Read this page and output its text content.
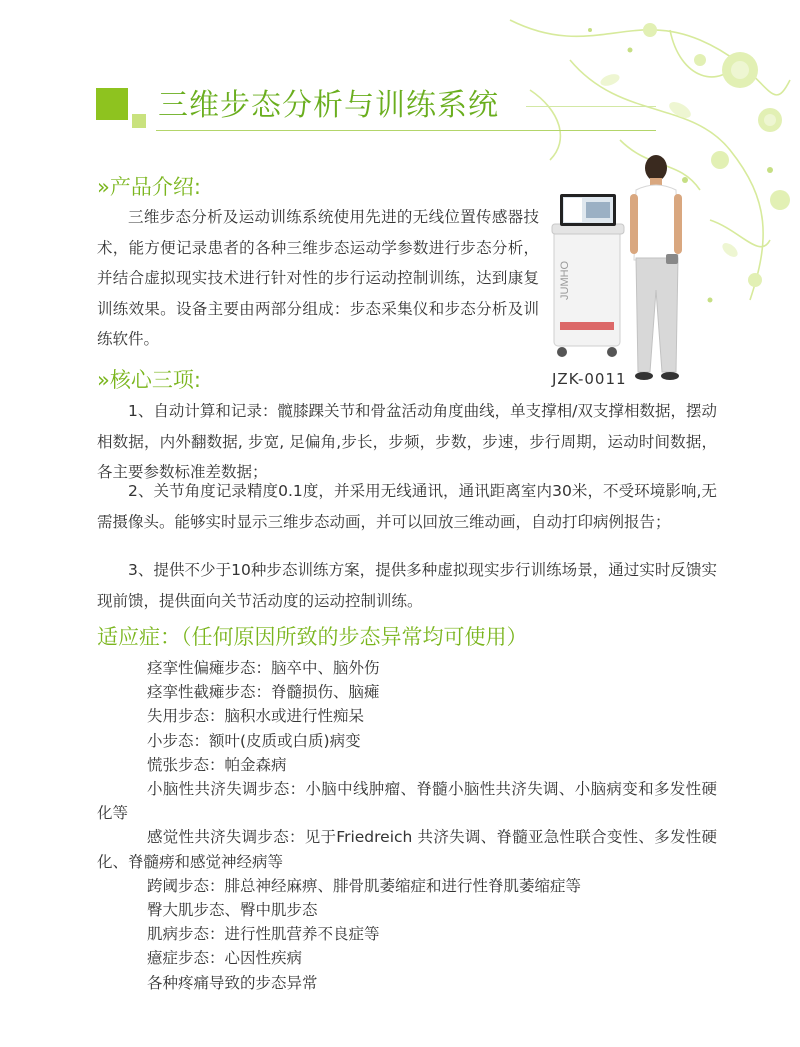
三维步态分析与训练系统
»产品介绍:

三维步态分析及运动训练系统使用先进的无线位置传感器技术，能方便记录患者的各种三维步态运动学参数进行步态分析，并结合虚拟现实技术进行针对性的步行运动控制训练，达到康复训练效果。设备主要由两部分组成：步态采集仪和步态分析及训练软件。

JUMHO
JZK-0011
»核心三项:

1、自动计算和记录：髋膝踝关节和骨盆活动角度曲线，单支撑相/双支撑相数据，摆动相数据，内外翻数据, 步宽, 足偏角,步长，步频，步数，步速，步行周期，运动时间数据，各主要参数标准差数据；

2、关节角度记录精度0.1度，并采用无线通讯，通讯距离室内30米，不受环境影响,无需摄像头。能够实时显示三维步态动画，并可以回放三维动画，自动打印病例报告；

3、提供不少于10种步态训练方案，提供多种虚拟现实步行训练场景，通过实时反馈实现前馈，提供面向关节活动度的运动控制训练。

适应症：（任何原因所致的步态异常均可使用）
痉挛性偏瘫步态：脑卒中、脑外伤
痉挛性截瘫步态：脊髓损伤、脑瘫
失用步态：脑积水或进行性痴呆
小步态：额叶(皮质或白质)病变
慌张步态：帕金森病
小脑性共济失调步态：小脑中线肿瘤、脊髓小脑性共济失调、小脑病变和多发性硬化等
感觉性共济失调步态：见于Friedreich 共济失调、脊髓亚急性联合变性、多发性硬化、脊髓痨和感觉神经病等
跨阈步态：腓总神经麻痹、腓骨肌萎缩症和进行性脊肌萎缩症等
臀大肌步态、臀中肌步态
肌病步态：进行性肌营养不良症等
癔症步态：心因性疾病
各种疼痛导致的步态异常
